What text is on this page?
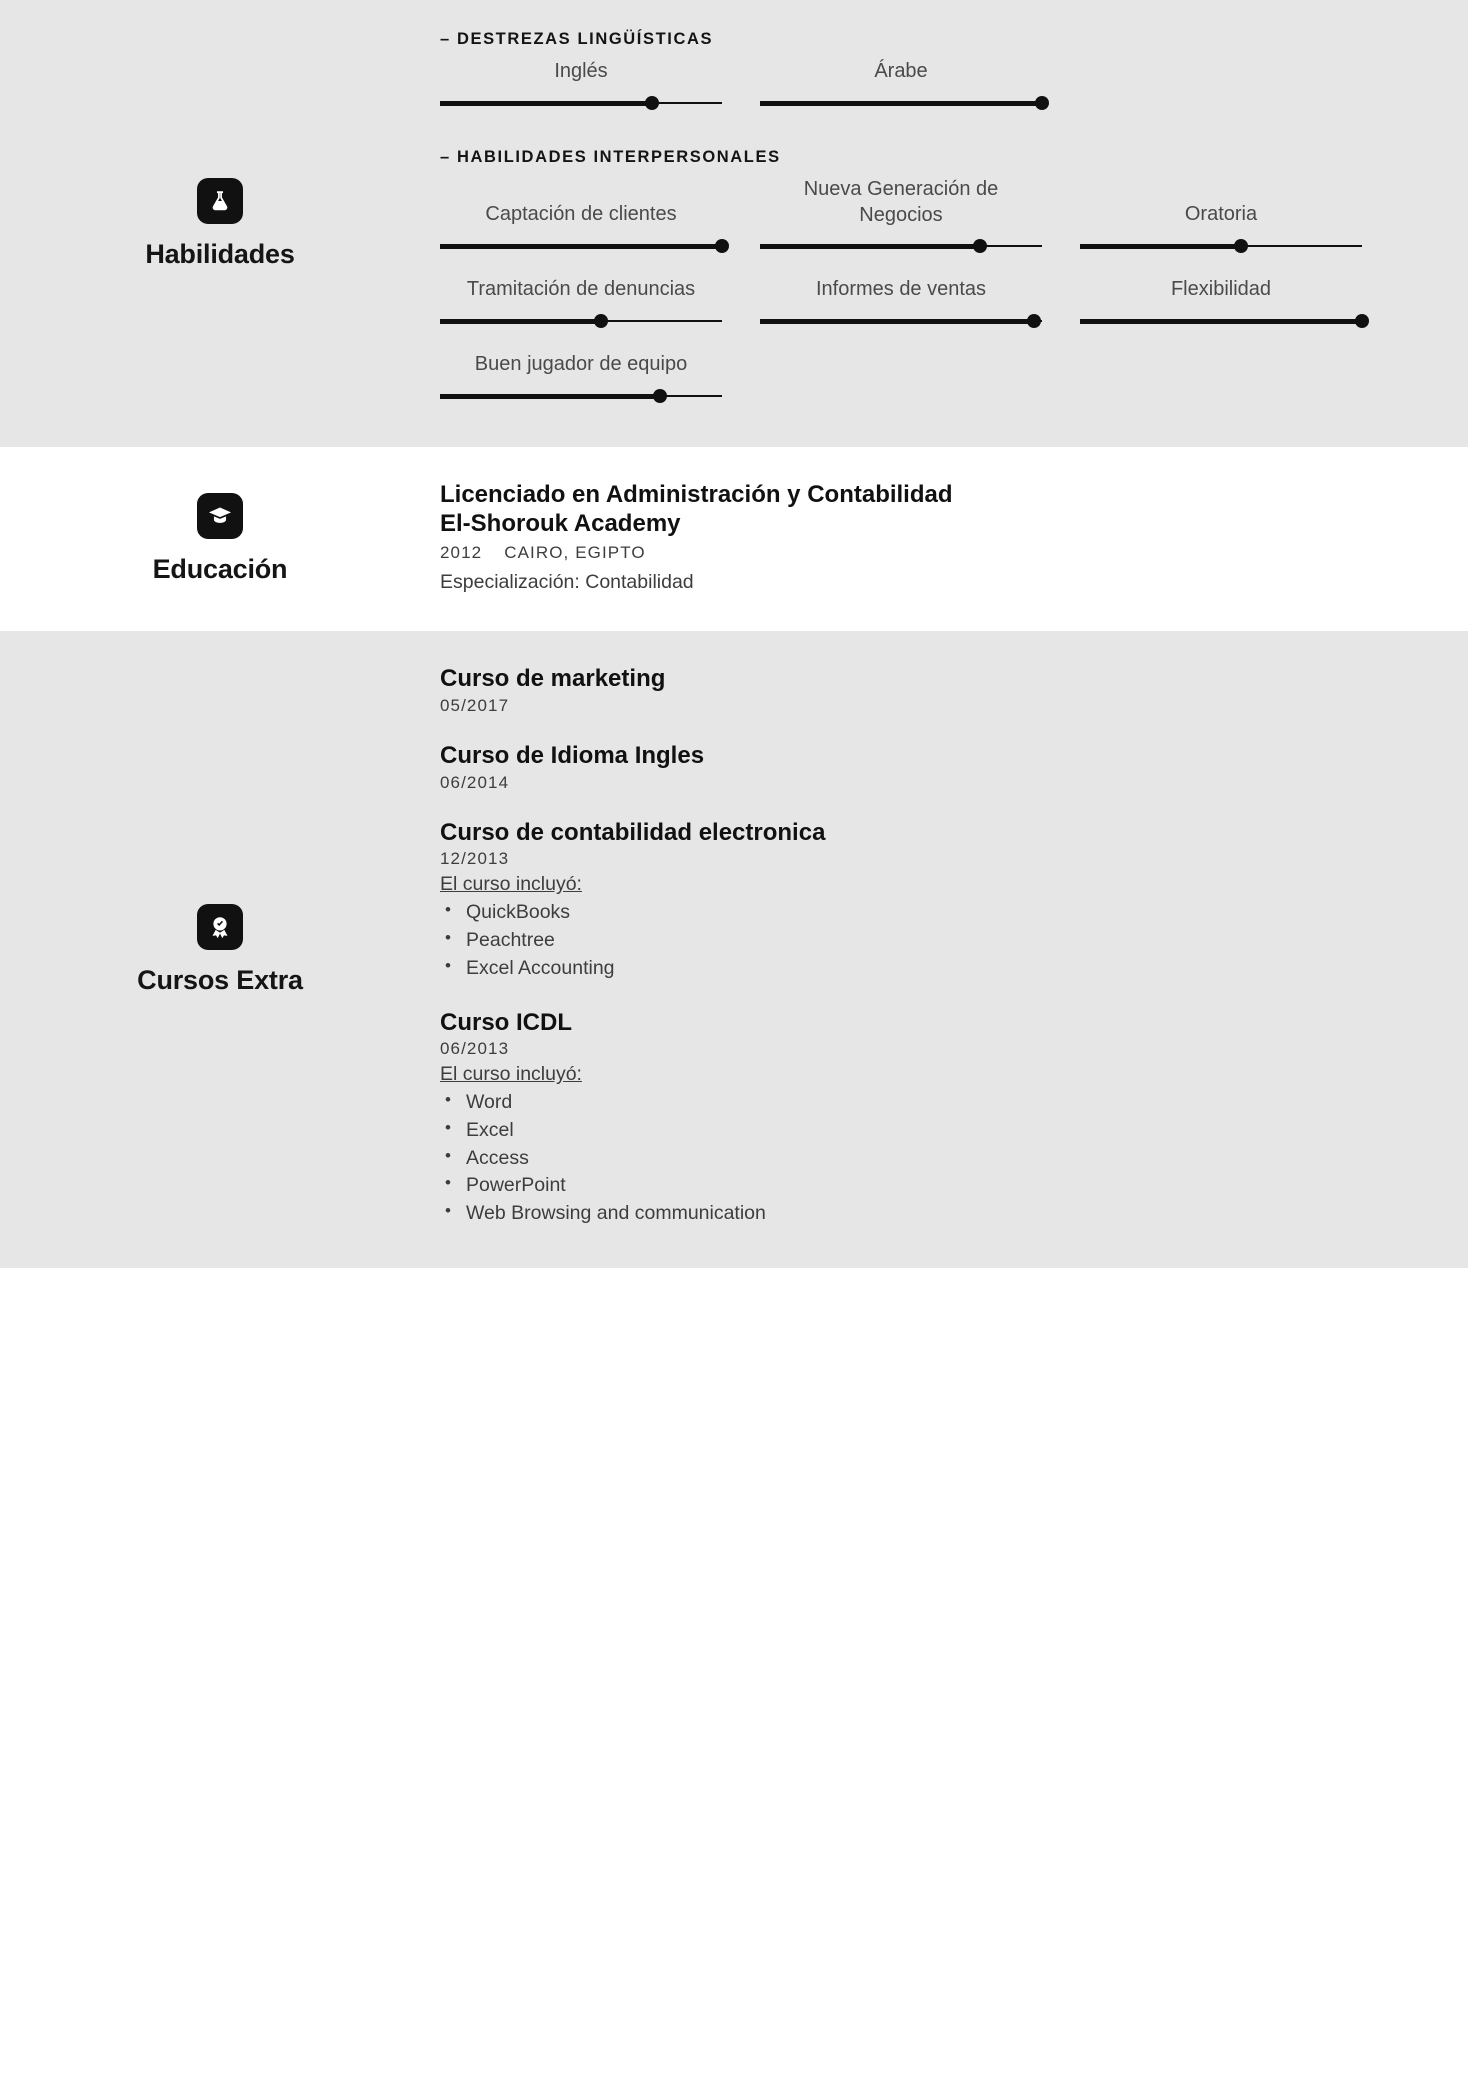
Habilidades
– DESTREZAS LINGÜÍSTICAS
Inglés	Árabe
– HABILIDADES INTERPERSONALES
Captación de clientes
Nueva Generación de Negocios	Oratoria
Tramitación de denuncias	Informes de ventas	Flexibilidad
Buen jugador de equipo
Educación
Licenciado en Administración y Contabilidad
El-Shorouk Academy
2012 CAIRO, EGIPTO
Especialización: Contabilidad
Cursos Extra
Curso de marketing
05/2017
Curso de Idioma Ingles
06/2014
Curso de contabilidad electronica
12/2013
El curso incluyó:
• QuickBooks
• Peachtree
• Excel Accounting
Curso ICDL
06/2013
El curso incluyó:
• Word
• Excel
• Access
• PowerPoint
• Web Browsing and communication
